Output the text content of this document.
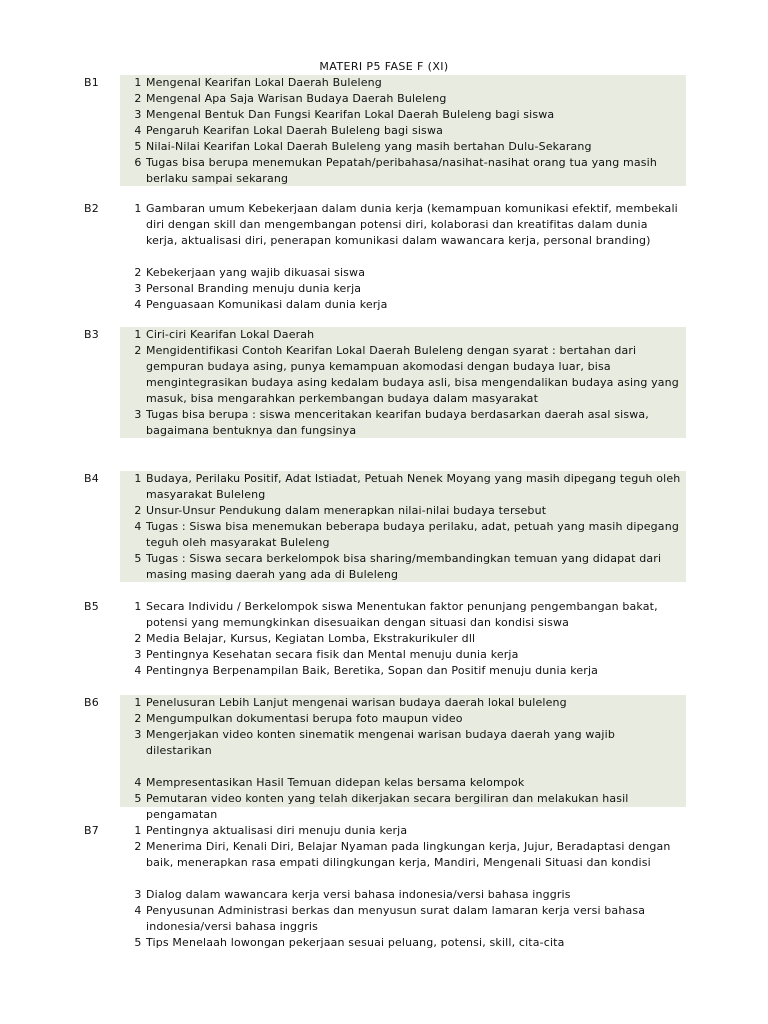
MATERI P5 FASE F (XI)
B1	1 Mengenal Kearifan Lokal Daerah Buleleng
2 Mengenal Apa Saja Warisan Budaya Daerah Buleleng
3 Mengenal Bentuk Dan Fungsi Kearifan Lokal Daerah Buleleng bagi siswa
4 Pengaruh Kearifan Lokal Daerah Buleleng bagi siswa
5 Nilai-Nilai Kearifan Lokal Daerah Buleleng yang masih bertahan Dulu-Sekarang
6 Tugas bisa berupa menemukan Pepatah/peribahasa/nasihat-nasihat orang tua yang masih berlaku sampai sekarang
B2	1 Gambaran umum Kebekerjaan dalam dunia kerja (kemampuan komunikasi efektif, membekali diri dengan skill dan mengembangan potensi diri, kolaborasi dan kreatifitas dalam dunia kerja, aktualisasi diri, penerapan komunikasi dalam wawancara kerja, personal branding)
2 Kebekerjaan yang wajib dikuasai siswa
3 Personal Branding menuju dunia kerja
4 Penguasaan Komunikasi dalam dunia kerja
B3	1 Ciri-ciri Kearifan Lokal Daerah
2 Mengidentifikasi Contoh Kearifan Lokal Daerah Buleleng dengan syarat : bertahan dari gempuran budaya asing, punya kemampuan akomodasi dengan budaya luar, bisa mengintegrasikan budaya asing kedalam budaya asli, bisa mengendalikan budaya asing yang masuk, bisa mengarahkan perkembangan budaya dalam masyarakat
3 Tugas bisa berupa : siswa menceritakan kearifan budaya berdasarkan daerah asal siswa, bagaimana bentuknya dan fungsinya
B4	1 Budaya, Perilaku Positif, Adat Istiadat, Petuah Nenek Moyang yang masih dipegang teguh oleh masyarakat Buleleng
2 Unsur-Unsur Pendukung dalam menerapkan nilai-nilai budaya tersebut
4 Tugas : Siswa bisa menemukan beberapa budaya perilaku, adat, petuah yang masih dipegang teguh oleh masyarakat Buleleng
5 Tugas : Siswa secara berkelompok bisa sharing/membandingkan temuan yang didapat dari masing masing daerah yang ada di Buleleng
B5	1 Secara Individu / Berkelompok siswa Menentukan faktor penunjang pengembangan bakat, potensi yang memungkinkan disesuaikan dengan situasi dan kondisi siswa
2 Media Belajar, Kursus, Kegiatan Lomba, Ekstrakurikuler dll
3 Pentingnya Kesehatan secara fisik dan Mental menuju dunia kerja
4 Pentingnya Berpenampilan Baik, Beretika, Sopan dan Positif menuju dunia kerja
B6	1 Penelusuran Lebih Lanjut mengenai warisan budaya daerah lokal buleleng
2 Mengumpulkan dokumentasi berupa foto maupun video
3 Mengerjakan video konten sinematik mengenai warisan budaya daerah yang wajib dilestarikan
4 Mempresentasikan Hasil Temuan didepan kelas bersama kelompok
5 Pemutaran video konten yang telah dikerjakan secara bergiliran dan melakukan hasil pengamatan
B7	1 Pentingnya aktualisasi diri menuju dunia kerja
2 Menerima Diri, Kenali Diri, Belajar Nyaman pada lingkungan kerja, Jujur, Beradaptasi dengan baik, menerapkan rasa empati dilingkungan kerja, Mandiri, Mengenali Situasi dan kondisi
3 Dialog dalam wawancara kerja versi bahasa indonesia/versi bahasa inggris
4 Penyusunan Administrasi berkas dan menyusun surat dalam lamaran kerja versi bahasa indonesia/versi bahasa inggris
5 Tips Menelaah lowongan pekerjaan sesuai peluang, potensi, skill, cita-cita
